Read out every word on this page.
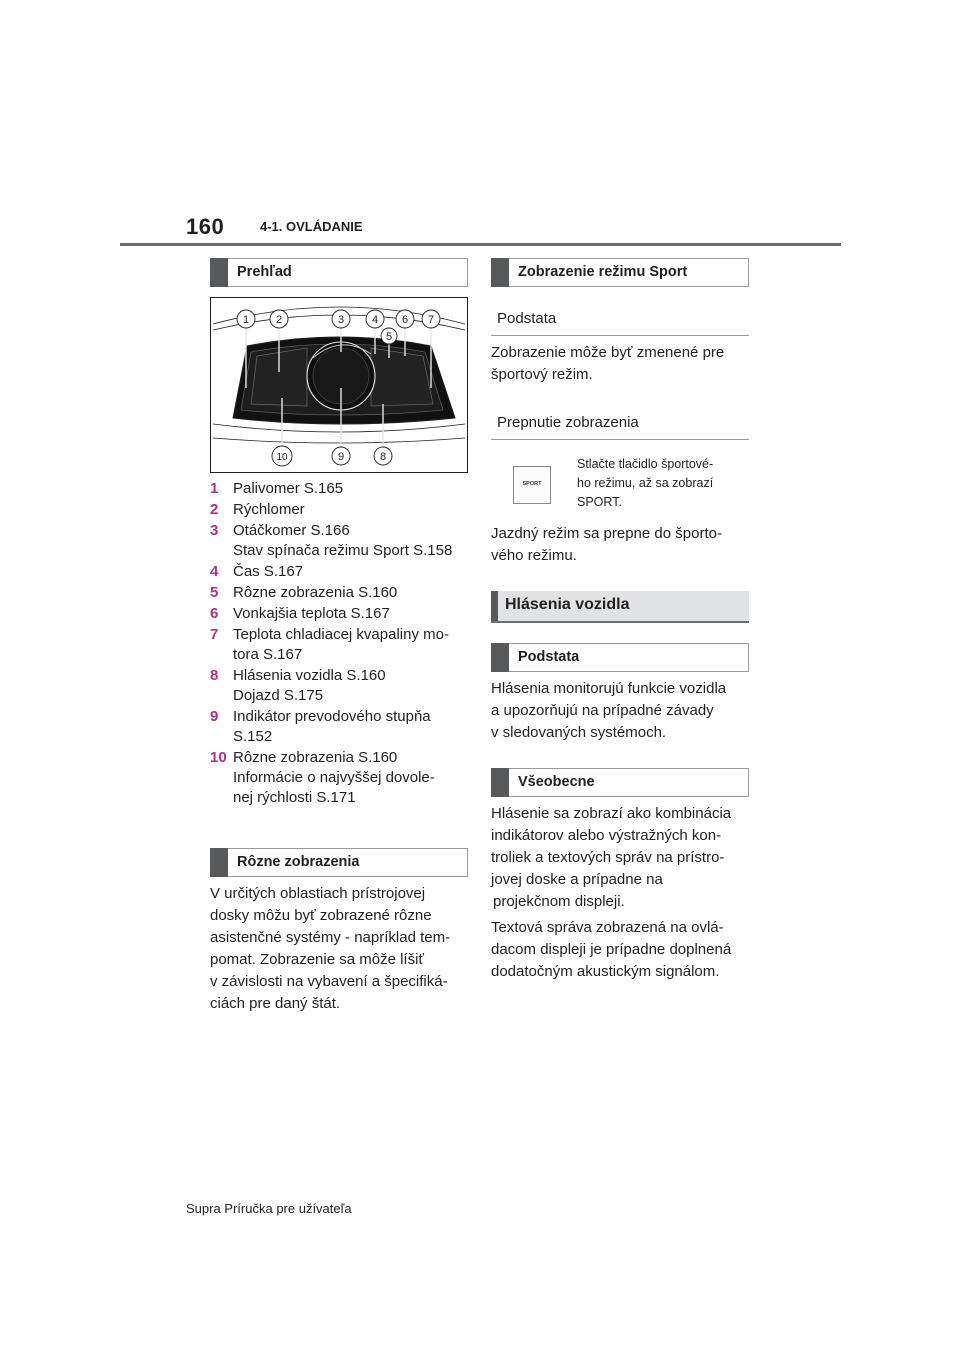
160	4-1. OVLÁDANIE
Prehľad
1 2	3	4
5
6 7
8
9
10
1 Palivomer S.165
2 Rýchlomer
3 Otáčkomer S.166
Stav spínača režimu Sport S.158
4 Čas S.167
5 Rôzne zobrazenia S.160
6 Vonkajšia teplota S.167
7 Teplota chladiacej kvapaliny mo-
tora S.167
8 Hlásenia vozidla S.160
Dojazd S.175
9 Indikátor prevodového stupňa
S.152
10 Rôzne zobrazenia S.160
Informácie o najvyššej dovole-
nej rýchlosti S.171
Rôzne zobrazenia

V určitých oblastiach prístrojovej

dosky môžu byť zobrazené rôzne

asistenčné systémy - napríklad tem-

pomat. Zobrazenie sa môže líšiť

v závislosti na vybavení a špecifiká-

ciách pre daný štát.

Zobrazenie režimu Sport
Podstata

Zobrazenie môže byť zmenené pre

športový režim.

Prepnutie zobrazenia
SPORT

Stlačte tlačidlo športové-

ho režimu, až sa zobrazí

SPORT.

Jazdný režim sa prepne do športo-

vého režimu.

Hlásenia vozidla
Podstata

Hlásenia monitorujú funkcie vozidla

a upozorňujú na prípadné závady

v sledovaných systémoch.

Všeobecne

Hlásenie sa zobrazí ako kombinácia

indikátorov alebo výstražných kon-

troliek a textových správ na prístro-

jovej doske a prípadne na

projekčnom displeji.

Textová správa zobrazená na ovlá-

dacom displeji je prípadne doplnená

dodatočným akustickým signálom.

Supra Príručka pre užívateľa
